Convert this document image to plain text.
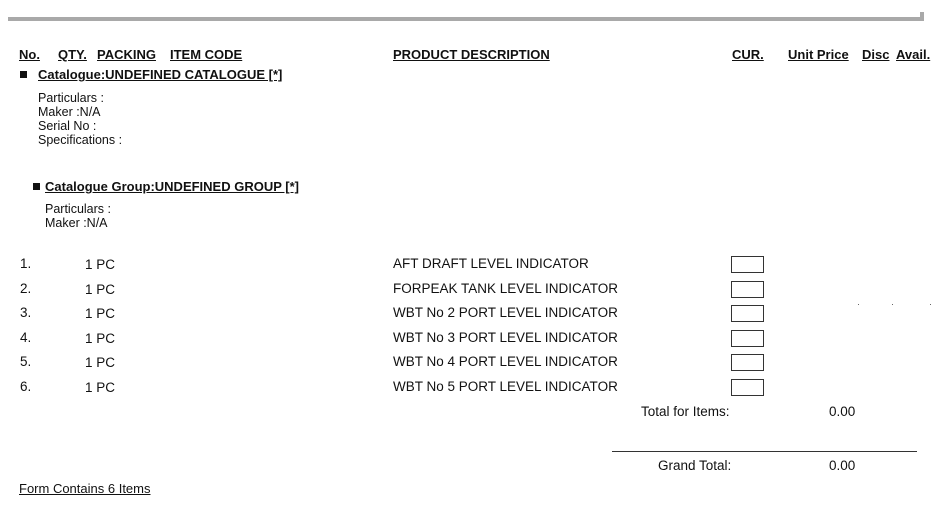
No. QTY. PACKING ITEM CODE	PRODUCT DESCRIPTION	CUR. Unit Price Disc Avail.
Catalogue:UNDEFINED CATALOGUE [*]
Particulars :
Maker :N/A
Serial No :
Specifications :
Catalogue Group:UNDEFINED GROUP [*]
Particulars :
Maker :N/A
1.	1 PC	AFT DRAFT LEVEL INDICATOR
2.	1 PC	FORPEAK TANK LEVEL INDICATOR
3.	1 PC	WBT No 2 PORT LEVEL INDICATOR
4.	1 PC	WBT No 3 PORT LEVEL INDICATOR
5.	1 PC	WBT No 4 PORT LEVEL INDICATOR
6.	1 PC	WBT No 5 PORT LEVEL INDICATOR
Total for Items:	0.00
Grand Total:	0.00
Form Contains 6 Items
